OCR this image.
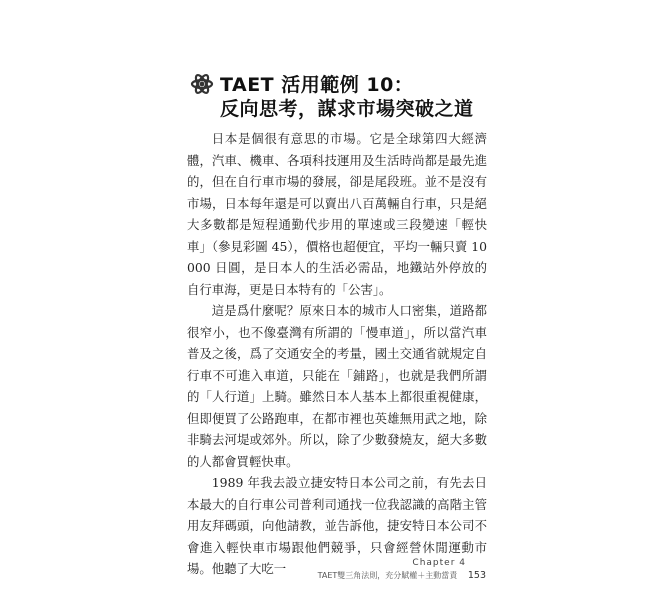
TAET 活用範例 10：
反向思考，謀求市場突破之道

日本是個很有意思的市場。它是全球第四大經濟體，汽車、機車、各項科技運用及生活時尚都是最先進的，但在自行車市場的發展，卻是尾段班。並不是沒有市場，日本每年還是可以賣出八百萬輛自行車，只是絕大多數都是短程通勤代步用的單速或三段變速「輕快車」（參見彩圖 45），價格也超便宜，平均一輛只賣 10000 日圓，是日本人的生活必需品，地鐵站外停放的自行車海，更是日本特有的「公害」。

這是爲什麼呢？原來日本的城市人口密集，道路都很窄小，也不像臺灣有所謂的「慢車道」，所以當汽車普及之後，爲了交通安全的考量，國土交通省就規定自行車不可進入車道，只能在「鋪路」，也就是我們所謂的「人行道」上騎。雖然日本人基本上都很重視健康，但即便買了公路跑車，在都市裡也英雄無用武之地，除非騎去河堤或郊外。所以，除了少數發燒友，絕大多數的人都會買輕快車。

1989 年我去設立捷安特日本公司之前，有先去日本最大的自行車公司普利司通找一位我認識的高階主管用友拜碼頭，向他請教，並告訴他，捷安特日本公司不會進入輕快車市場跟他們競爭，只會經營休閒運動市場。他聽了大吃一	Chapter 4
TAET雙三角法則，充分賦權＋主動當責 153
